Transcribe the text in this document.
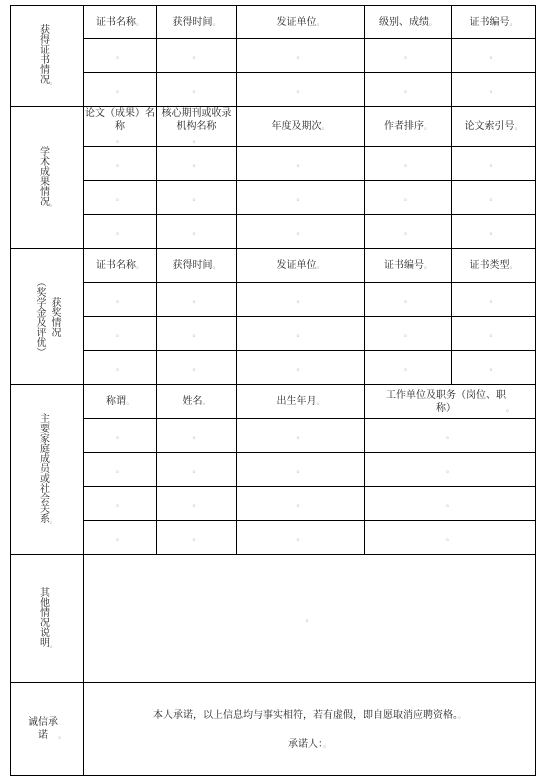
获得证书情况。	证书名称。	获得时间。	发证单位。	级别、成绩。	证书编号。
	。	。	。	。	。
	。	。	。	。	。
学术成果情况。	论文（成果）名称。	核心期刊或收录机构名称。	年度及期次。	作者排序。	论文索引号。
	。	。	。	。	。
	。	。	。	。	。
	。	。	。	。	。

获奖情况
（奖学金及评优）	证书名称。	获得时间。	发证单位。	证书编号。	证书类型。
	。	。	。	。	。
	。	。	。	。	。
	。	。	。	。	。
主要家庭成员或社会关系。	称谓。	姓名。	出生年月。	工作单位及职务（岗位、职称） 。	
	。	。	。	。	
	。	。	。	。	
	。	。	。	。	
	。	。	。	。	
其他情况说明。	。				
诚信承诺 。	本人承诺，以上信息均与事实相符，若有虚假，即自愿取消应聘资格。。
承诺人：。				
